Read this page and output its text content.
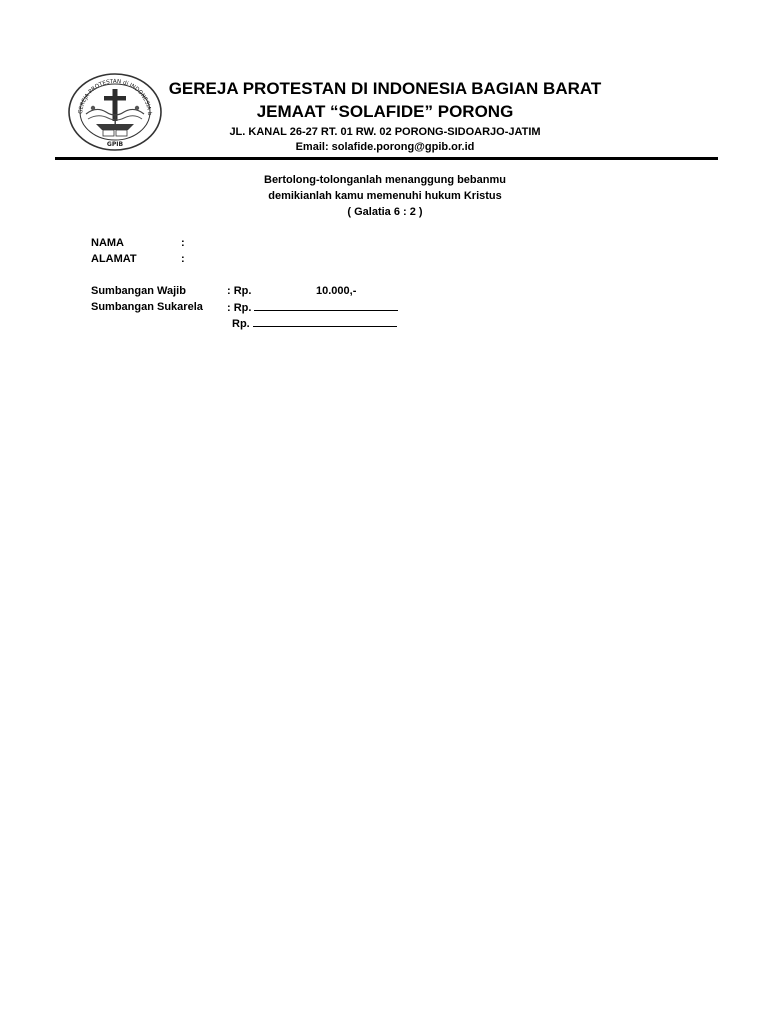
GEREJA PROTESTAN di INDONESIA b
GPIB
GEREJA PROTESTAN DI INDONESIA BAGIAN BARAT
JEMAAT “SOLAFIDE” PORONG
JL. KANAL 26-27 RT. 01 RW. 02 PORONG-SIDOARJO-JATIM
Email: solafide.porong@gpib.or.id
Bertolong-tolonganlah menanggung bebanmu
demikianlah kamu memenuhi hukum Kristus
( Galatia 6 : 2 )
NAMA	:
ALAMAT	:
Sumbangan Wajib	: Rp.	10.000,-
Sumbangan Sukarela : Rp.
Rp.
